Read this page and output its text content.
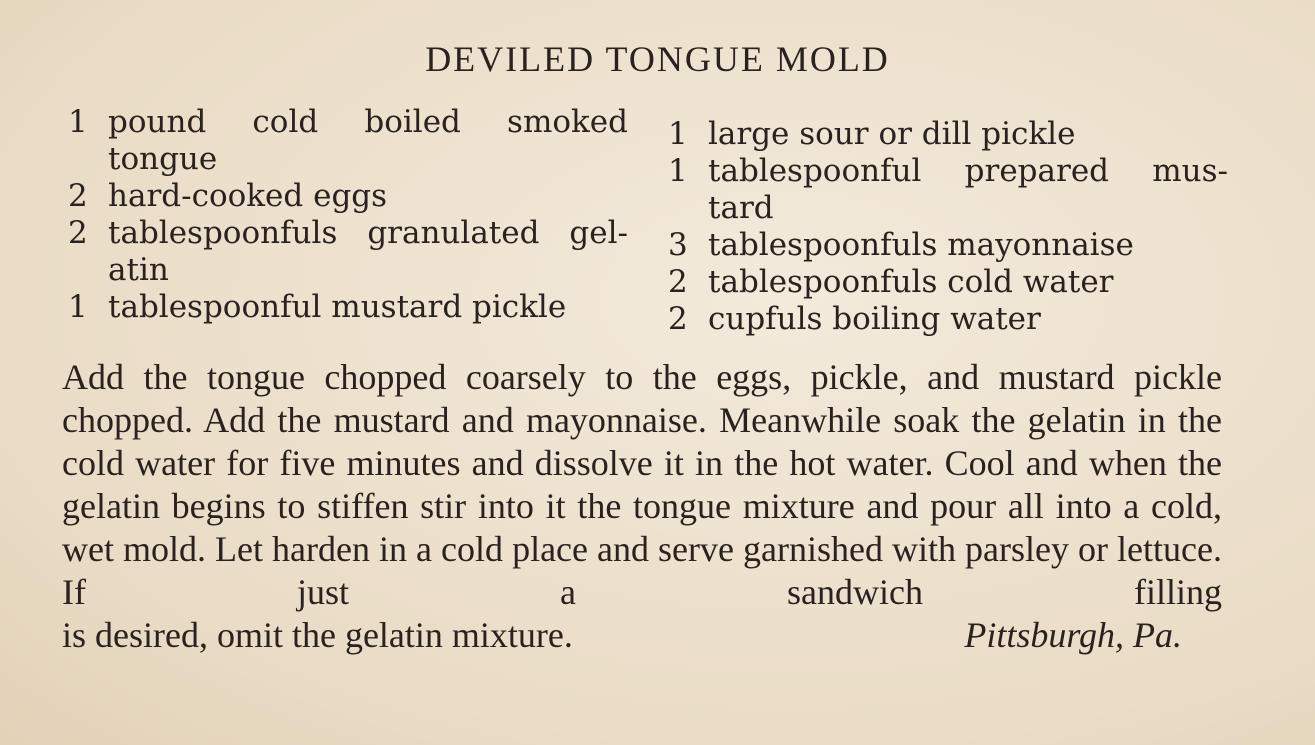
DEVILED TONGUE MOLD
1 pound cold boiled smoked
tongue
2 hard-cooked eggs
2 tablespoonfuls granulated gel-
atin
1 tablespoonful mustard pickle
1 large sour or dill pickle
1 tablespoonful prepared mus-
tard
3 tablespoonfuls mayonnaise
2 tablespoonfuls cold water
2 cupfuls boiling water
Add the tongue chopped coarsely to the eggs, pickle, and mustard pickle chopped. Add the mustard and mayonnaise. Meanwhile soak the gelatin in the cold water for five minutes and dissolve it in the hot water. Cool and when the gelatin begins to stiffen stir into it the tongue mixture and pour all into a cold, wet mold. Let harden in a cold place and serve garnished with parsley or lettuce. If just a sandwich filling
is desired, omit the gelatin mixture.	Pittsburgh, Pa.
